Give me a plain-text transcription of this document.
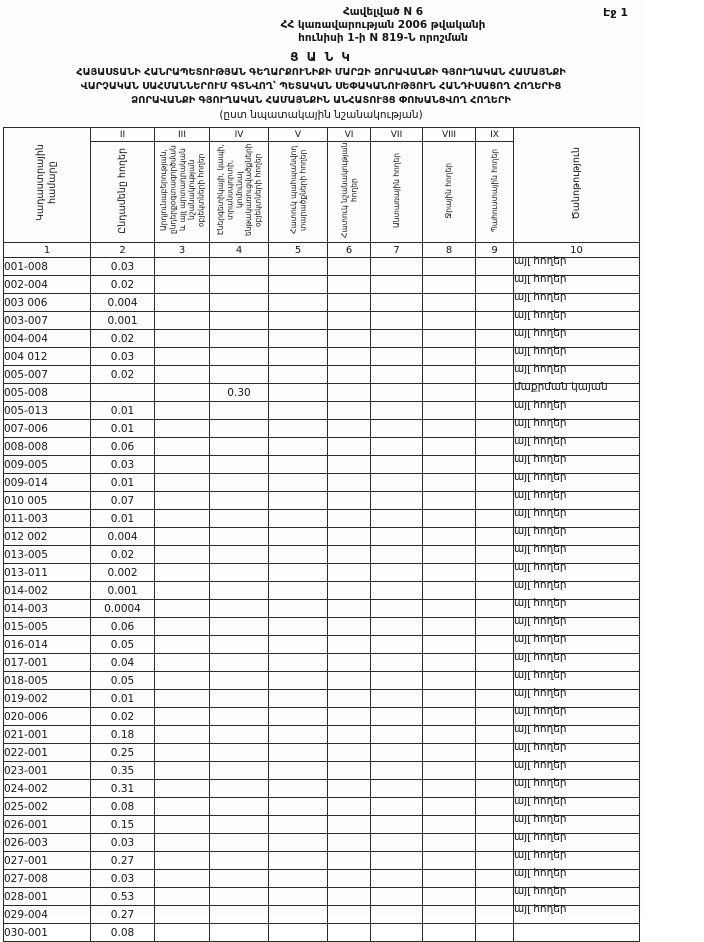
Էջ 1
Հավելված N 6
ՀՀ կառավարության 2006 թվականի
հունիսի 1-ի N 819-Ն որոշման
Ց Ա Ն Կ
ՀԱՅԱՍՏԱՆԻ ՀԱՆՐԱՊԵՏՈՒԹՅԱՆ ԳԵՂԱՐՔՈՒՆԻՔԻ ՄԱՐԶԻ ՁՈՐԱՎԱՆՔԻ ԳՅՈՒՂԱԿԱՆ ՀԱՄԱՅՆՔԻ
ՎԱՐՉԱԿԱՆ ՍԱՀՄԱՆՆԵՐՈՒՄ ԳՏՆՎՈՂ՝ ՊԵՏԱԿԱՆ ՍԵՓԱԿԱՆՈՒԹՅՈՒՆ ՀԱՆԴԻՍԱՑՈՂ ՀՈՂԵՐԻՑ
ՁՈՐԱՎԱՆՔԻ ԳՅՈՒՂԱԿԱՆ ՀԱՄԱՅՆՔԻՆ ԱՆՀԱՏՈՒՅՑ ՓՈԽԱՆՑՎՈՂ ՀՈՂԵՐԻ
(ըստ նպատակային նշանակության)
Կադաստրային համարը	II	III	IV	V	VI	VII	VIII	IX	Ծանոթություն
	Ընդամենը հողեր	Արդյունաբերության, ընդերքօգտագործման և այլ արտադրական նշանակության օբյեկտների հողեր	Էներգետիկայի, կապի, տրանսպորտի, կոմունալ ենթակառուցվածքների օբյեկտների հողեր	Հատուկ պահպանվող տարածքների հողեր	Հատուկ նշանակության հողեր	Անտառային հողեր	Ջրային հողեր	Պահուստային հողեր	
1	2	3	4	5	6	7	8	9	10
001-008	0.03								այլ հողեր
002-004	0.02								այլ հողեր
003 006	0.004								այլ հողեր
003-007	0.001								այլ հողեր
004-004	0.02								այլ հողեր
004 012	0.03								այլ հողեր
005-007	0.02								այլ հողեր
005-008			0.30						մաքրման կայան
005-013	0.01								այլ հողեր
007-006	0.01								այլ հողեր
008-008	0.06								այլ հողեր
009-005	0.03								այլ հողեր
009-014	0.01								այլ հողեր
010 005	0.07								այլ հողեր
011-003	0.01								այլ հողեր
012 002	0.004								այլ հողեր
013-005	0.02								այլ հողեր
013-011	0.002								այլ հողեր
014-002	0.001								այլ հողեր
014-003	0.0004								այլ հողեր
015-005	0.06								այլ հողեր
016-014	0.05								այլ հողեր
017-001	0.04								այլ հողեր
018-005	0.05								այլ հողեր
019-002	0.01								այլ հողեր
020-006	0.02								այլ հողեր
021-001	0.18								այլ հողեր
022-001	0.25								այլ հողեր
023-001	0.35								այլ հողեր
024-002	0.31								այլ հողեր
025-002	0.08								այլ հողեր
026-001	0.15								այլ հողեր
026-003	0.03								այլ հողեր
027-001	0.27								այլ հողեր
027-008	0.03								այլ հողեր
028-001	0.53								այլ հողեր
029-004	0.27								այլ հողեր
030-001	0.08								
